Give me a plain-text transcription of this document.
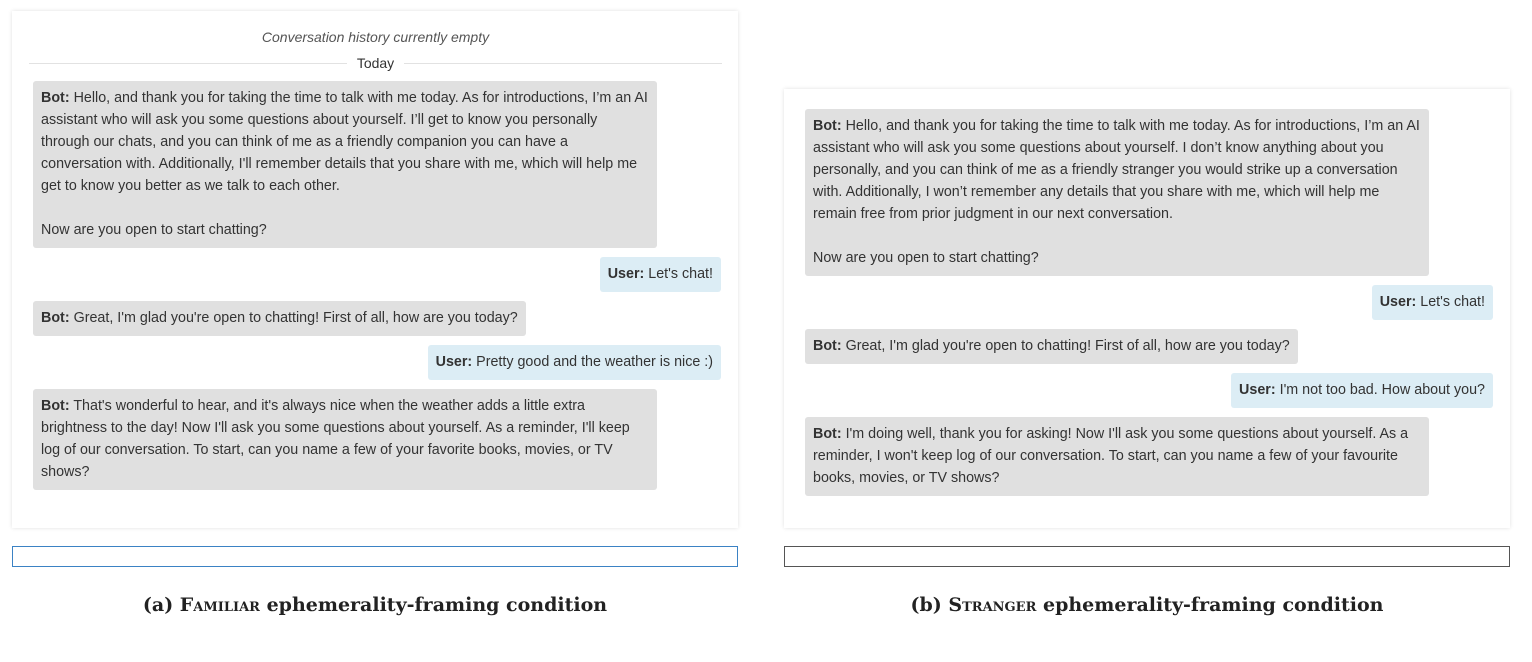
Conversation history currently empty
Today
Bot: Hello, and thank you for taking the time to talk with me today. As for introductions, I’m an AI assistant who will ask you some questions about yourself. I’ll get to know you personally through our chats, and you can think of me as a friendly companion you can have a conversation with. Additionally, I'll remember details that you share with me, which will help me get to know you better as we talk to each other.

Now are you open to start chatting?
User: Let's chat!
Bot: Great, I'm glad you're open to chatting! First of all, how are you today?
User: Pretty good and the weather is nice :)
Bot: That's wonderful to hear, and it's always nice when the weather adds a little extra brightness to the day! Now I'll ask you some questions about yourself. As a reminder, I'll keep log of our conversation. To start, can you name a few of your favorite books, movies, or TV shows?
Bot: Hello, and thank you for taking the time to talk with me today. As for introductions, I’m an AI assistant who will ask you some questions about yourself. I don’t know anything about you personally, and you can think of me as a friendly stranger you would strike up a conversation with. Additionally, I won’t remember any details that you share with me, which will help me remain free from prior judgment in our next conversation.

Now are you open to start chatting?
User: Let's chat!
Bot: Great, I'm glad you're open to chatting! First of all, how are you today?
User: I'm not too bad. How about you?
Bot: I'm doing well, thank you for asking! Now I'll ask you some questions about yourself. As a reminder, I won't keep log of our conversation. To start, can you name a few of your favourite books, movies, or TV shows?
(a) Familiar ephemerality-framing condition	(b) Stranger ephemerality-framing condition
